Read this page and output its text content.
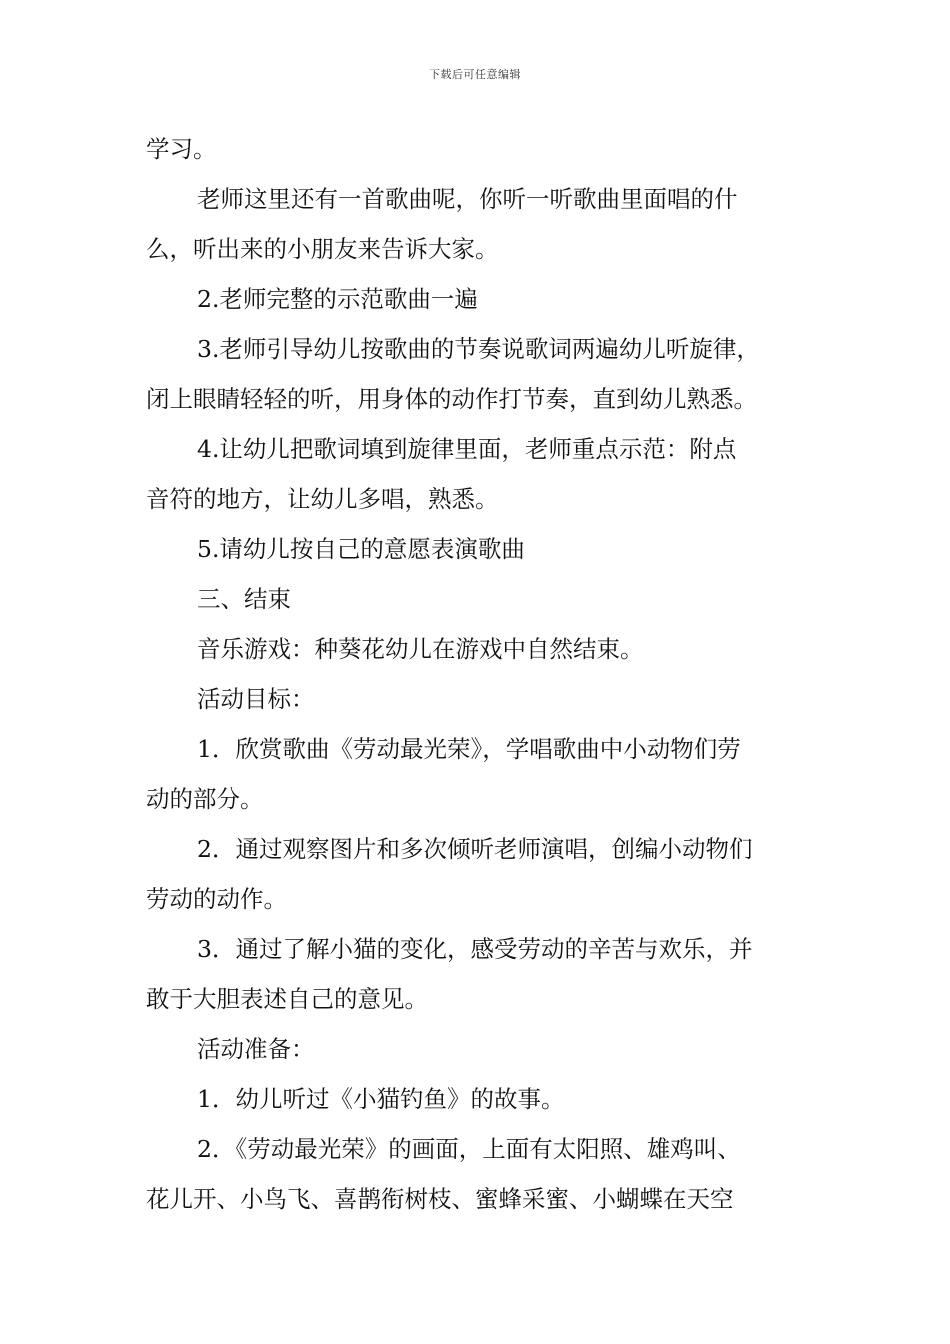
下载后可任意编辑
学习。
老师这里还有一首歌曲呢，你听一听歌曲里面唱的什
么，听出来的小朋友来告诉大家。
2.老师完整的示范歌曲一遍
3.老师引导幼儿按歌曲的节奏说歌词两遍幼儿听旋律，
闭上眼睛轻轻的听，用身体的动作打节奏，直到幼儿熟悉。
4.让幼儿把歌词填到旋律里面，老师重点示范：附点
音符的地方，让幼儿多唱，熟悉。
5.请幼儿按自己的意愿表演歌曲
三、结束
音乐游戏：种葵花幼儿在游戏中自然结束。
活动目标：
1．欣赏歌曲《劳动最光荣》，学唱歌曲中小动物们劳
动的部分。
2．通过观察图片和多次倾听老师演唱，创编小动物们
劳动的动作。
3．通过了解小猫的变化，感受劳动的辛苦与欢乐，并
敢于大胆表述自己的意见。
活动准备：
1．幼儿听过《小猫钓鱼》的故事。
2．《劳动最光荣》的画面，上面有太阳照、雄鸡叫、
花儿开、小鸟飞、喜鹊衔树枝、蜜蜂采蜜、小蝴蝶在天空
